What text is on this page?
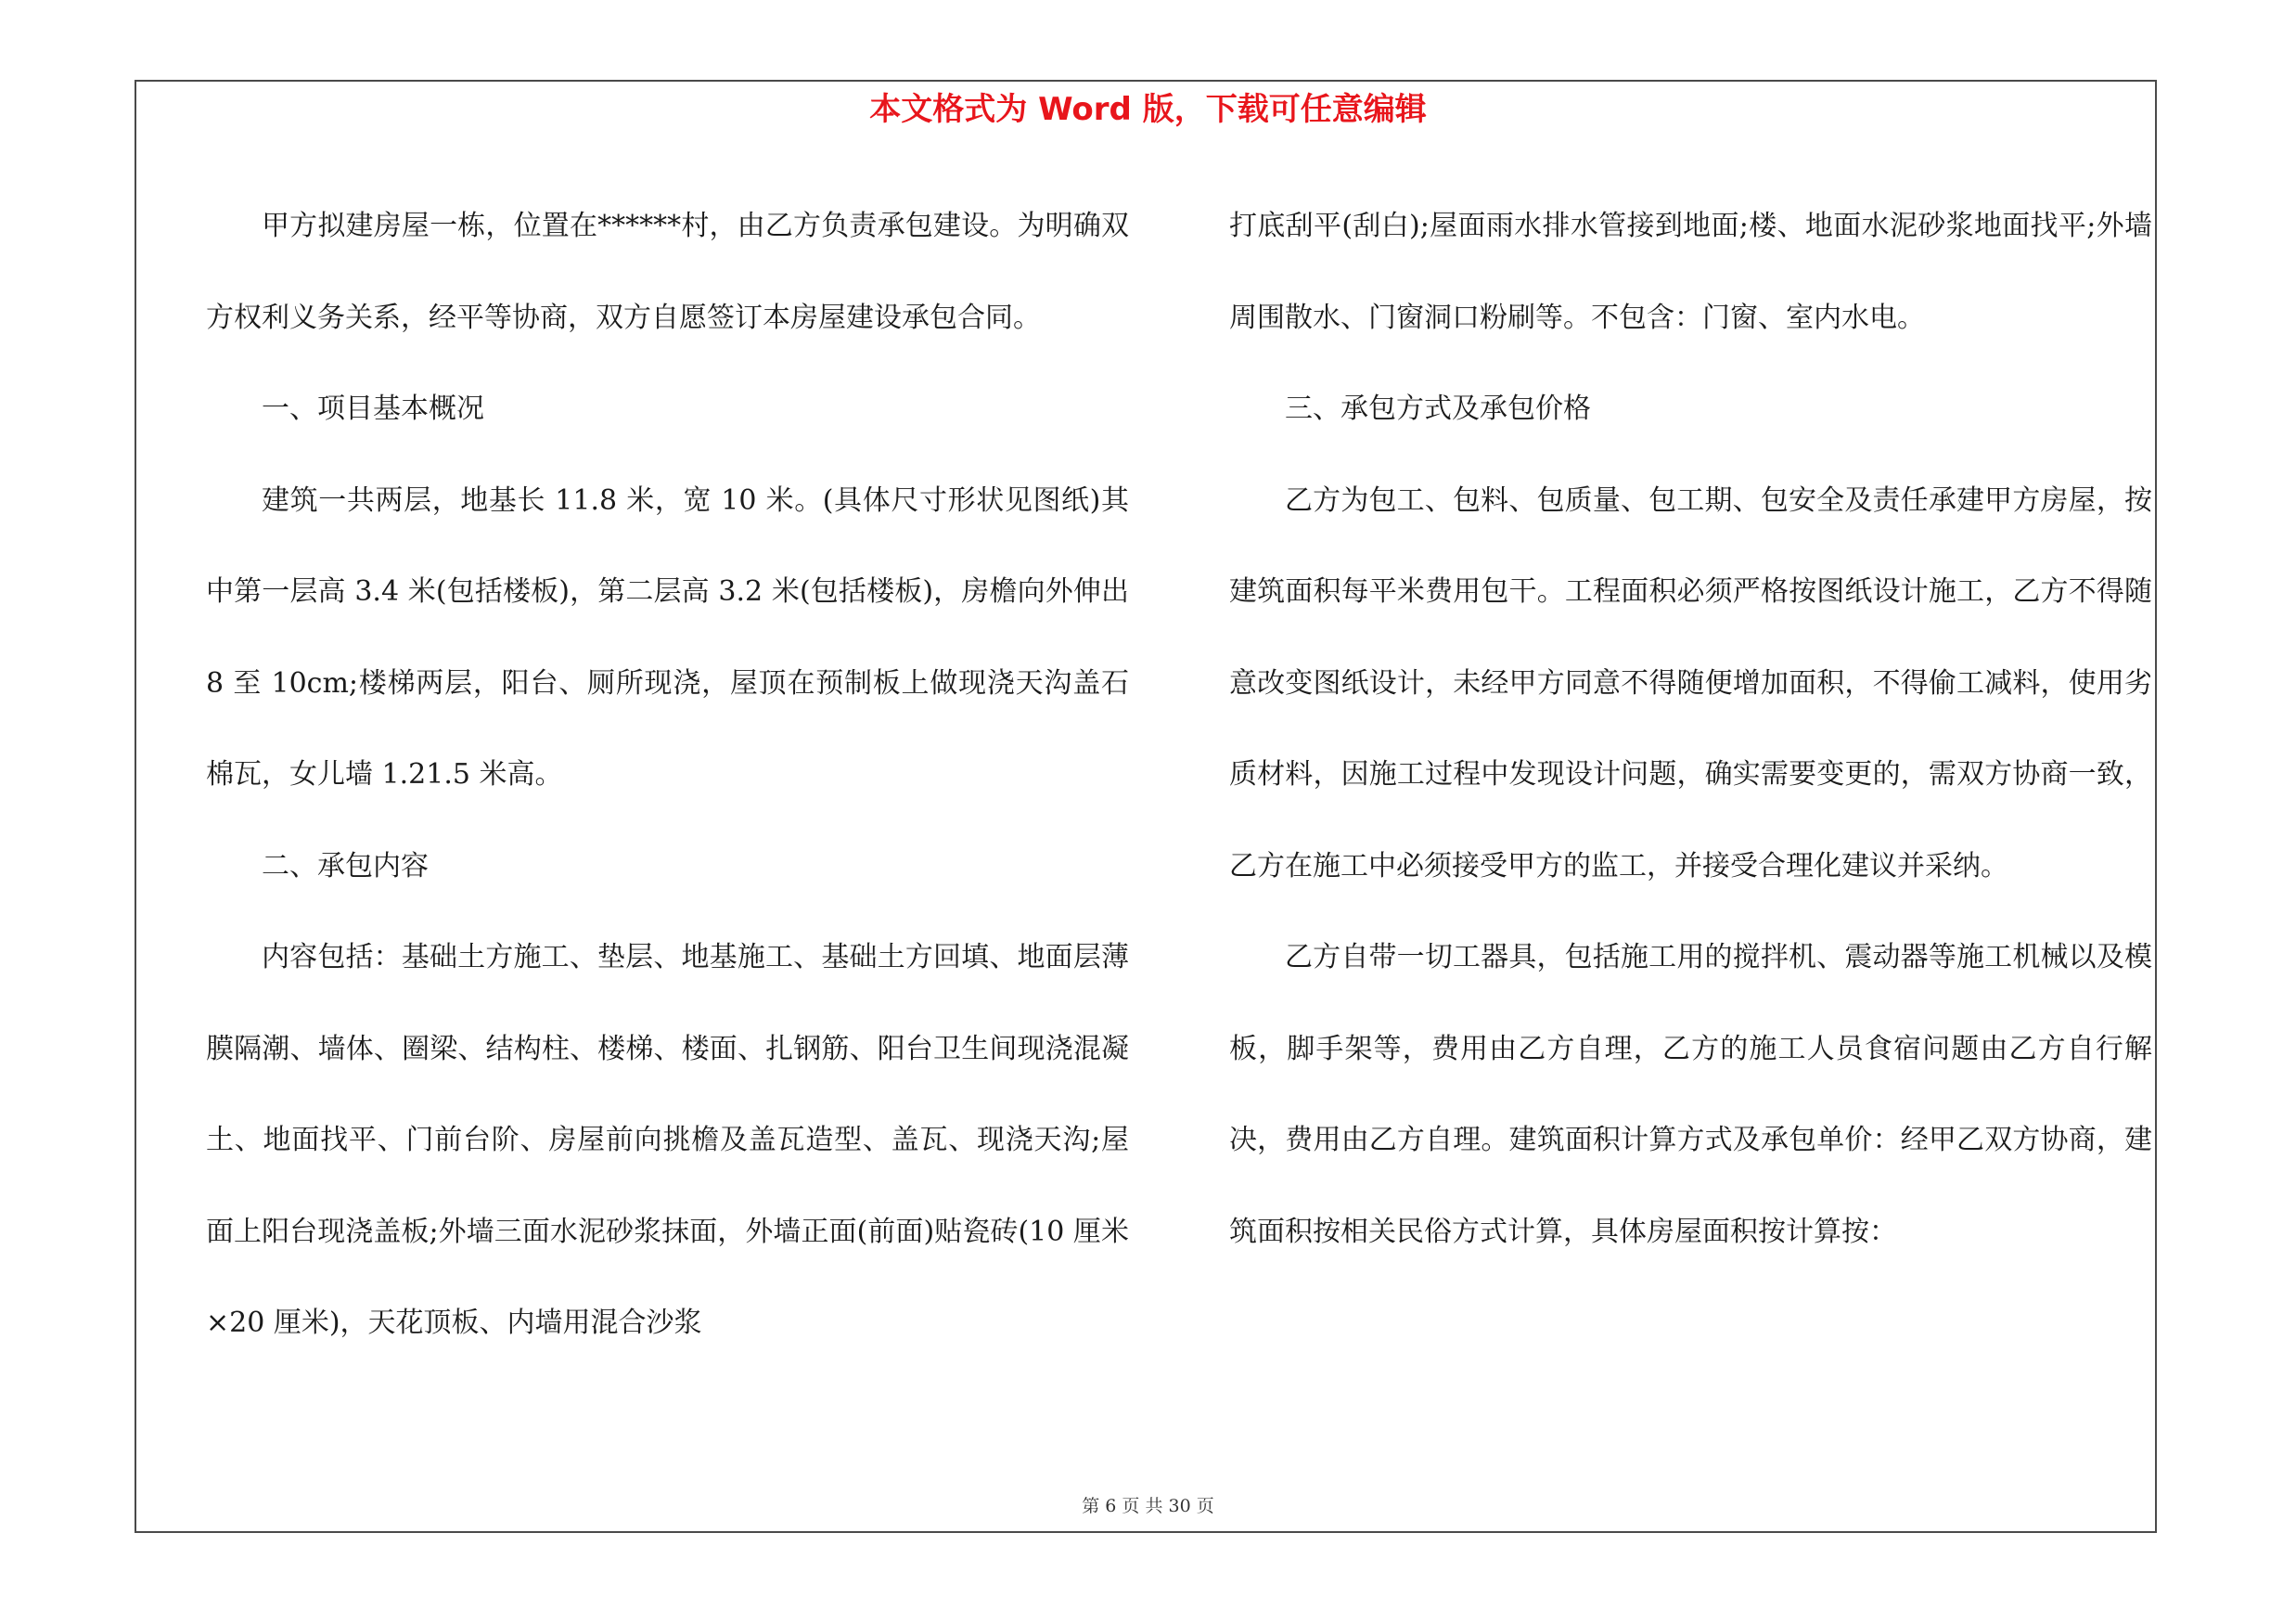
本文格式为 Word 版，下载可任意编辑

甲方拟建房屋一栋，位置在******村，由乙方负责承包建设。为明确双方权利义务关系，经平等协商，双方自愿签订本房屋建设承包合同。

一、项目基本概况

建筑一共两层，地基长 11.8 米，宽 10 米。(具体尺寸形状见图纸)其中第一层高 3.4 米(包括楼板)，第二层高 3.2 米(包括楼板)，房檐向外伸出 8 至 10cm;楼梯两层，阳台、厕所现浇，屋顶在预制板上做现浇天沟盖石棉瓦，女儿墙 1.21.5 米高。

二、承包内容

内容包括：基础土方施工、垫层、地基施工、基础土方回填、地面层薄膜隔潮、墙体、圈梁、结构柱、楼梯、楼面、扎钢筋、阳台卫生间现浇混凝土、地面找平、门前台阶、房屋前向挑檐及盖瓦造型、盖瓦、现浇天沟;屋面上阳台现浇盖板;外墙三面水泥砂浆抹面，外墙正面(前面)贴瓷砖(10 厘米×20 厘米)，天花顶板、内墙用混合沙浆

打底刮平(刮白);屋面雨水排水管接到地面;楼、地面水泥砂浆地面找平;外墙周围散水、门窗洞口粉刷等。不包含：门窗、室内水电。

三、承包方式及承包价格

乙方为包工、包料、包质量、包工期、包安全及责任承建甲方房屋，按建筑面积每平米费用包干。工程面积必须严格按图纸设计施工，乙方不得随意改变图纸设计，未经甲方同意不得随便增加面积，不得偷工减料，使用劣质材料，因施工过程中发现设计问题，确实需要变更的，需双方协商一致，乙方在施工中必须接受甲方的监工，并接受合理化建议并采纳。

乙方自带一切工器具，包括施工用的搅拌机、震动器等施工机械以及模板，脚手架等，费用由乙方自理，乙方的施工人员食宿问题由乙方自行解决，费用由乙方自理。建筑面积计算方式及承包单价：经甲乙双方协商，建筑面积按相关民俗方式计算，具体房屋面积按计算按：

第 6 页 共 30 页
